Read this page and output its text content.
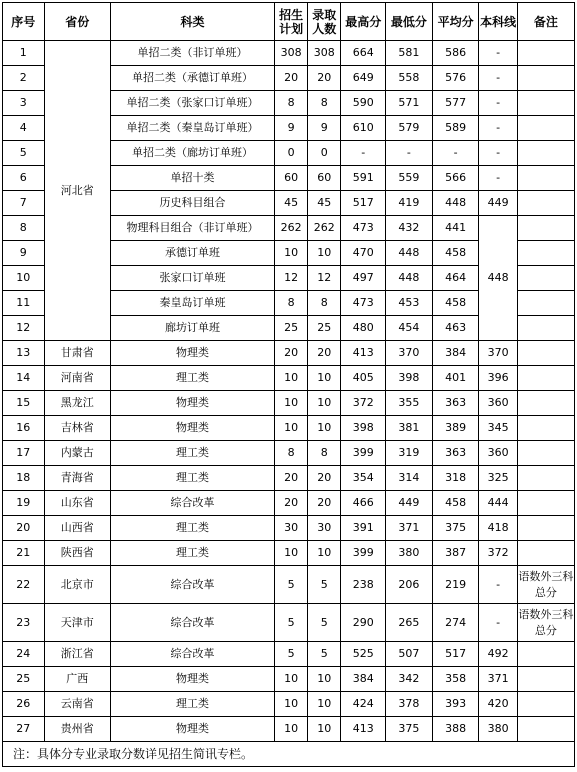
序号	省份	科类	招生计划	录取人数	最高分	最低分	平均分	本科线	备注
1	河北省	单招二类（非订单班）	308	308	664	581	586	-	
2		单招二类（承德订单班）	20	20	649	558	576	-	
3		单招二类（张家口订单班）	8	8	590	571	577	-	
4		单招二类（秦皇岛订单班）	9	9	610	579	589	-	
5		单招二类（廊坊订单班）	0	0	-	-	-	-	
6		单招十类	60	60	591	559	566	-	
7		历史科目组合	45	45	517	419	448	449	
8		物理科目组合（非订单班）	262	262	473	432	441	448	
9		承德订单班	10	10	470	448	458		
10		张家口订单班	12	12	497	448	464		
11		秦皇岛订单班	8	8	473	453	458		
12		廊坊订单班	25	25	480	454	463		
13	甘肃省	物理类	20	20	413	370	384	370	
14	河南省	理工类	10	10	405	398	401	396	
15	黑龙江	物理类	10	10	372	355	363	360	
16	吉林省	物理类	10	10	398	381	389	345	
17	内蒙古	理工类	8	8	399	319	363	360	
18	青海省	理工类	20	20	354	314	318	325	
19	山东省	综合改革	20	20	466	449	458	444	
20	山西省	理工类	30	30	391	371	375	418	
21	陕西省	理工类	10	10	399	380	387	372	
22	北京市	综合改革	5	5	238	206	219	-	语数外三科总分
23	天津市	综合改革	5	5	290	265	274	-	语数外三科总分
24	浙江省	综合改革	5	5	525	507	517	492	
25	广西	物理类	10	10	384	342	358	371	
26	云南省	理工类	10	10	424	378	393	420	
27	贵州省	物理类	10	10	413	375	388	380	
注：具体分专业录取分数详见招生简讯专栏。									
